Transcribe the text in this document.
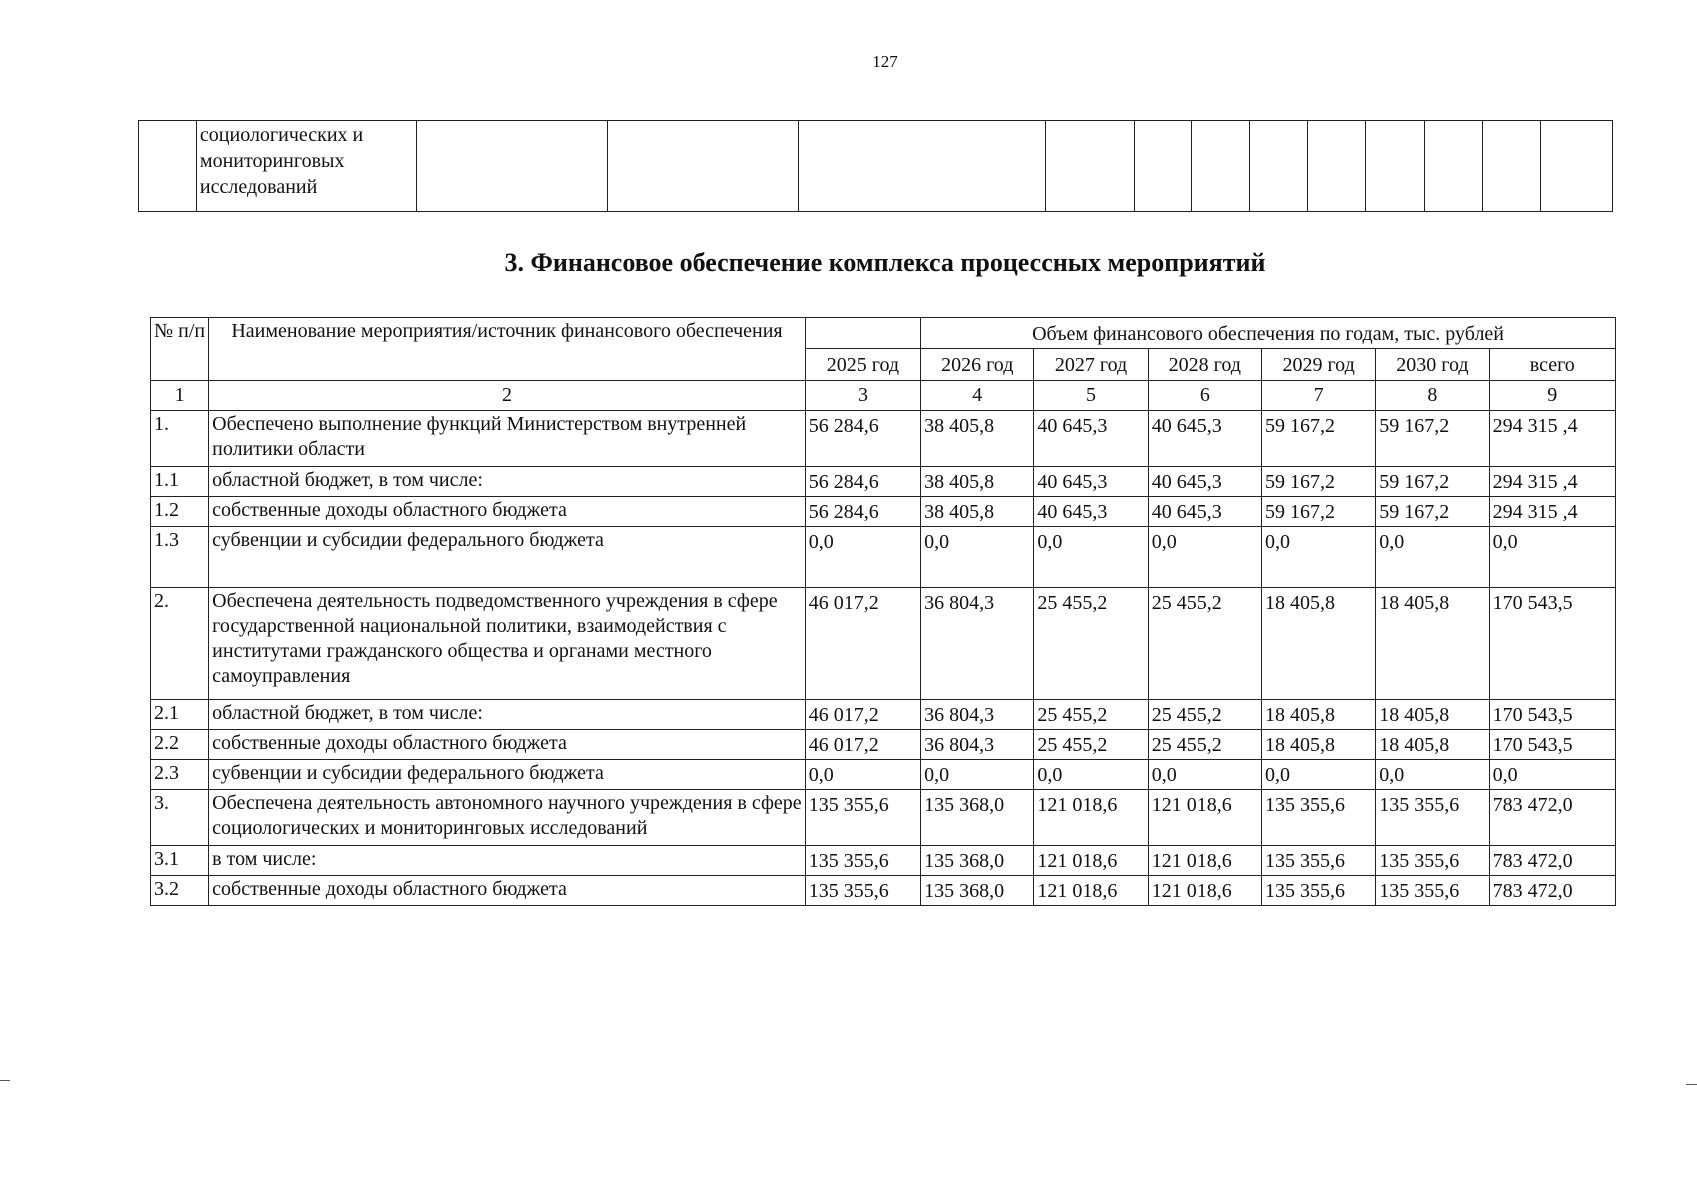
127

социологических и
мониторинговых
исследований

3. Финансовое обеспечение комплекса процессных мероприятий
№ п/п	Наименование мероприятия/источник финансового обеспечения		Объем финансового обеспечения по годам, тыс. рублей					
		2025 год	2026 год	2027 год	2028 год	2029 год	2030 год	всего
1	2	3	4	5	6	7	8	9
1.	Обеспечено выполнение функций Министерством внутренней политики области	56 284,6	38 405,8	40 645,3	40 645,3	59 167,2	59 167,2	294 315 ,4
1.1	областной бюджет, в том числе:	56 284,6	38 405,8	40 645,3	40 645,3	59 167,2	59 167,2	294 315 ,4
1.2	собственные доходы областного бюджета	56 284,6	38 405,8	40 645,3	40 645,3	59 167,2	59 167,2	294 315 ,4
1.3	субвенции и субсидии федерального бюджета	0,0	0,0	0,0	0,0	0,0	0,0	0,0
2.	Обеспечена деятельность подведомственного учреждения в сфере государственной национальной политики, взаимодействия с институтами гражданского общества и органами местного самоуправления	46 017,2	36 804,3	25 455,2	25 455,2	18 405,8	18 405,8	170 543,5
2.1	областной бюджет, в том числе:	46 017,2	36 804,3	25 455,2	25 455,2	18 405,8	18 405,8	170 543,5
2.2	собственные доходы областного бюджета	46 017,2	36 804,3	25 455,2	25 455,2	18 405,8	18 405,8	170 543,5
2.3	субвенции и субсидии федерального бюджета	0,0	0,0	0,0	0,0	0,0	0,0	0,0
3.	Обеспечена деятельность автономного научного учреждения в сфере социологических и мониторинговых исследований	135 355,6	135 368,0	121 018,6	121 018,6	135 355,6	135 355,6	783 472,0
3.1	в том числе:	135 355,6	135 368,0	121 018,6	121 018,6	135 355,6	135 355,6	783 472,0
3.2	собственные доходы областного бюджета	135 355,6	135 368,0	121 018,6	121 018,6	135 355,6	135 355,6	783 472,0
